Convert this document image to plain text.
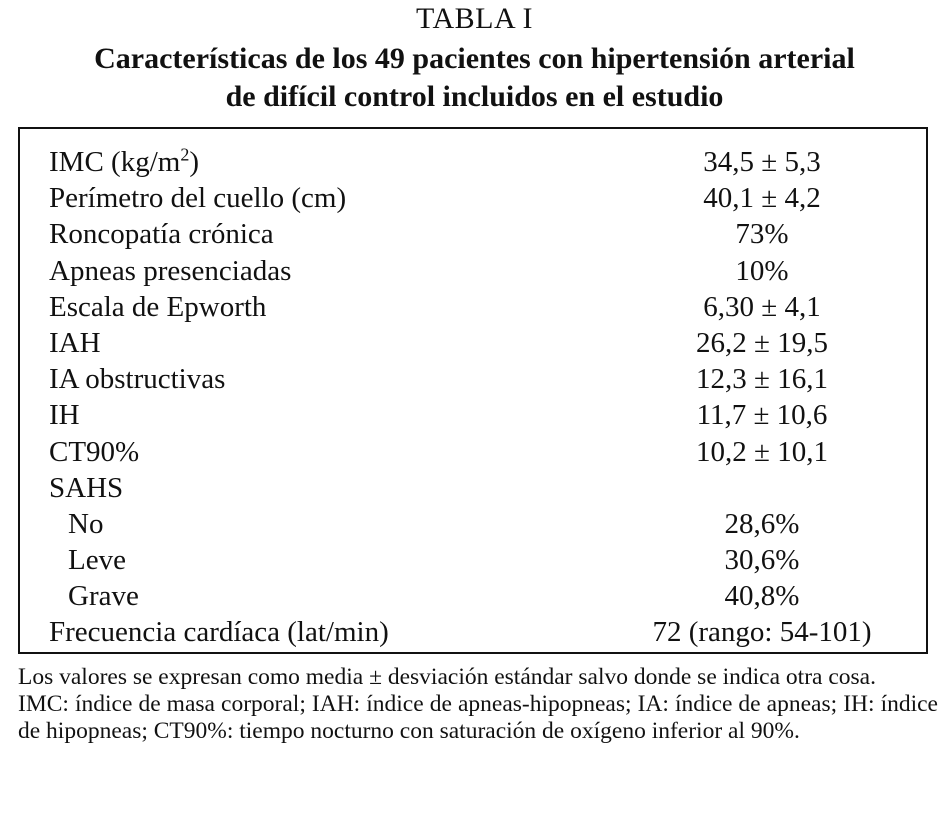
TABLA I
Características de los 49 pacientes con hipertensión arterial
de difícil control incluidos en el estudio
IMC $(kg/m^2)$	34,5 ± 5,3
Perímetro del cuello (cm)	40,1 ± 4,2
Roncopatía crónica	73%
Apneas presenciadas	10%
Escala de Epworth	6,30 ± 4,1
IAH	26,2 ± 19,5
IA obstructivas	12,3 ± 16,1
IH	11,7 ± 10,6
CT90%	10,2 ± 10,1
SAHS
No	28,6%
Leve	30,6%
Grave	40,8%
Frecuencia cardíaca (lat/min)	72 (rango: 54-101)

Los valores se expresan como media ± desviación estándar salvo donde se indica otra cosa.

IMC: índice de masa corporal; IAH: índice de apneas-hipopneas; IA: índice de apneas; IH: índice de hipopneas; CT90%: tiempo nocturno con saturación de oxígeno inferior al 90%.
